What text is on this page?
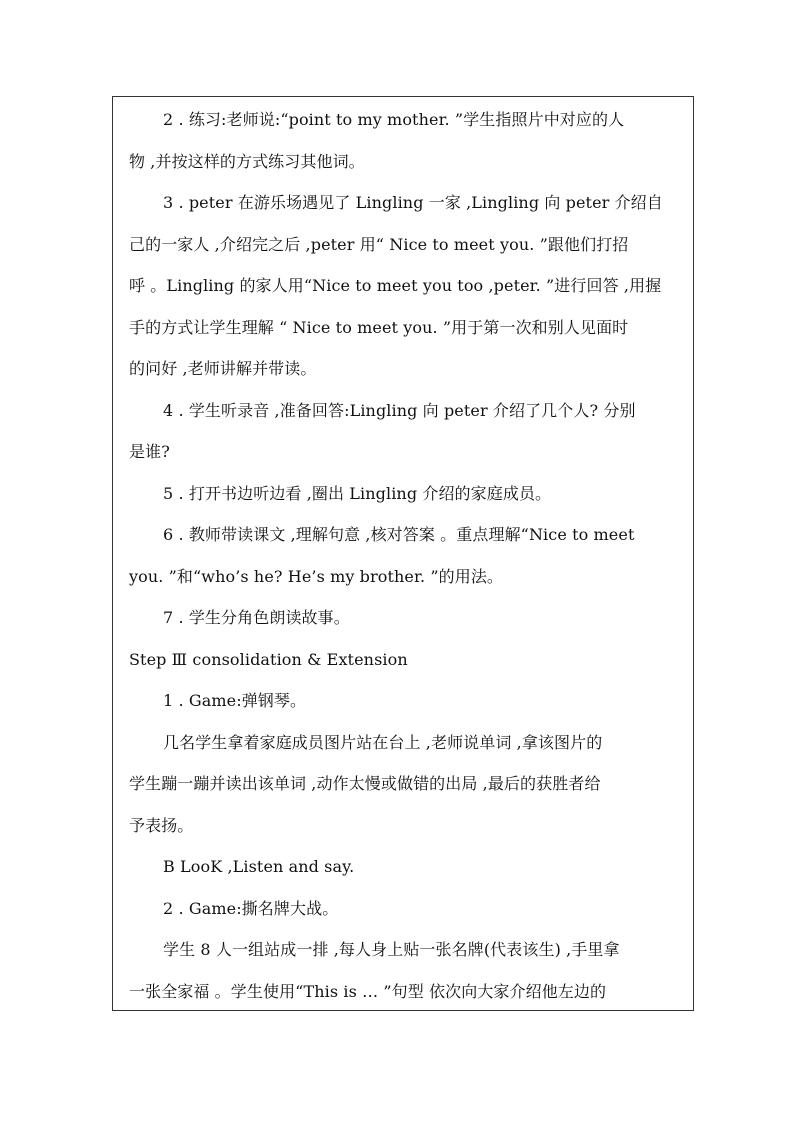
2 . 练习:老师说:“point to my mother. ”学生指照片中对应的人
物 ,并按这样的方式练习其他词。
3 . peter 在游乐场遇见了 Lingling 一家 ,Lingling 向 peter 介绍自
己的一家人 ,介绍完之后 ,peter 用“ Nice to meet you. ”跟他们打招
呼 。Lingling 的家人用“Nice to meet you too ,peter. ”进行回答 ,用握
手的方式让学生理解 “ Nice to meet you. ”用于第一次和别人见面时
的问好 ,老师讲解并带读。
4 . 学生听录音 ,准备回答:Lingling 向 peter 介绍了几个人? 分别
是谁?
5 . 打开书边听边看 ,圈出 Lingling 介绍的家庭成员。
6 . 教师带读课文 ,理解句意 ,核对答案 。重点理解“Nice to meet
you. ”和“who’s he? He’s my brother. ”的用法。
7 . 学生分角色朗读故事。
Step Ⅲ consolidation & Extension
1 . Game:弹钢琴。
几名学生拿着家庭成员图片站在台上 ,老师说单词 ,拿该图片的
学生蹦一蹦并读出该单词 ,动作太慢或做错的出局 ,最后的获胜者给
予表扬。
B LooK ,Listen and say.
2 . Game:撕名牌大战。
学生 8 人一组站成一排 ,每人身上贴一张名牌(代表该生) ,手里拿
一张全家福 。学生使用“This is … ”句型 依次向大家介绍他左边的
